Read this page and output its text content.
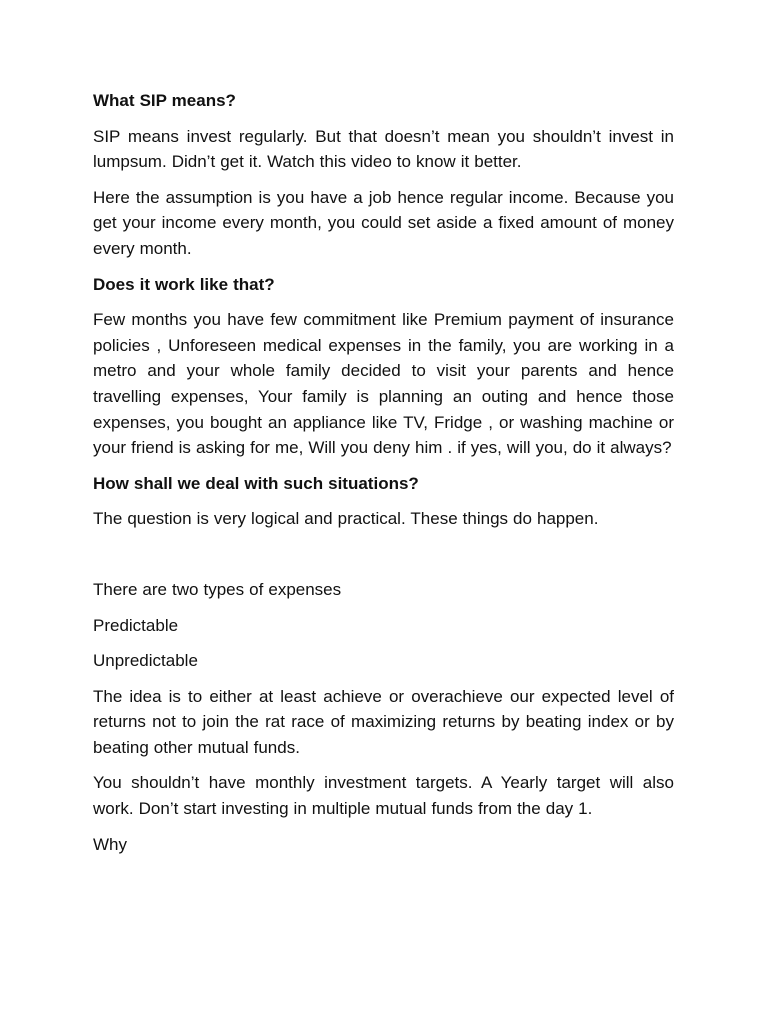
What SIP means?

SIP means invest regularly. But that doesn’t mean you shouldn’t invest in lumpsum. Didn’t get it. Watch this video to know it better.

Here the assumption is you have a job hence regular income. Because you get your income every month, you could set aside a fixed amount of money every month.

Does it work like that?

Few months you have few commitment like Premium payment of insurance policies , Unforeseen medical expenses in the family, you are working in a metro and your whole family decided to visit your parents and hence travelling expenses, Your family is planning an outing and hence those expenses, you bought an appliance like TV, Fridge , or washing machine or your friend is asking for me, Will you deny him . if yes, will you, do it always?

How shall we deal with such situations?

The question is very logical and practical. These things do happen.

There are two types of expenses

Predictable

Unpredictable

The idea is to either at least achieve or overachieve our expected level of returns not to join the rat race of maximizing returns by beating index or by beating other mutual funds.

You shouldn’t have monthly investment targets. A Yearly target will also work. Don’t start investing in multiple mutual funds from the day 1.

Why
